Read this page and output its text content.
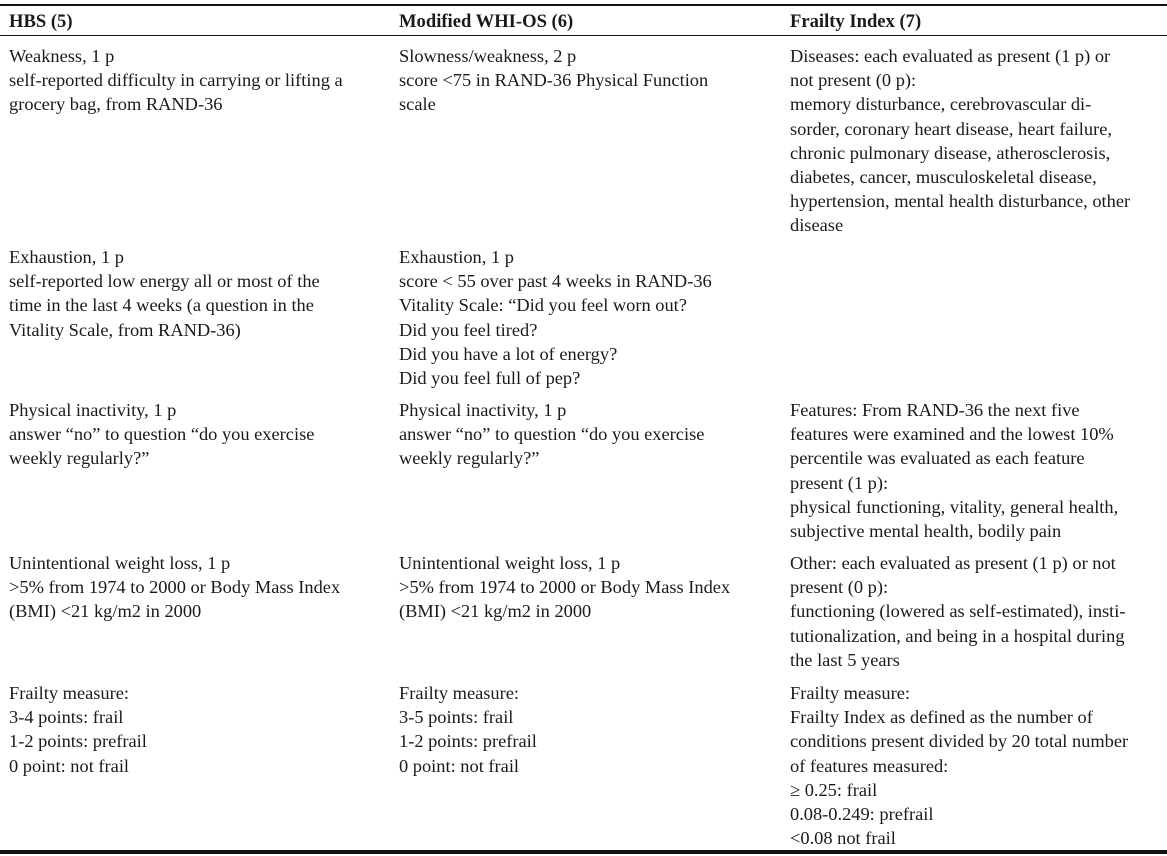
HBS (5)	Modified WHI-OS (6)	Frailty Index (7)
Weakness, 1 p
self-reported difficulty in carrying or lifting a
grocery bag, from RAND-36
Slowness/weakness, 2 p
score <75 in RAND-36 Physical Function
scale
Diseases: each evaluated as present (1 p) or
not present (0 p):
memory disturbance, cerebrovascular di-
sorder, coronary heart disease, heart failure,
chronic pulmonary disease, atherosclerosis,
diabetes, cancer, musculoskeletal disease,
hypertension, mental health disturbance, other
disease
Exhaustion, 1 p
self-reported low energy all or most of the
time in the last 4 weeks (a question in the
Vitality Scale, from RAND-36)
Exhaustion, 1 p
score < 55 over past 4 weeks in RAND-36
Vitality Scale: “Did you feel worn out?
Did you feel tired?
Did you have a lot of energy?
Did you feel full of pep?
Physical inactivity, 1 p
answer “no” to question “do you exercise
weekly regularly?”
Physical inactivity, 1 p
answer “no” to question “do you exercise
weekly regularly?”
Features: From RAND-36 the next five
features were examined and the lowest 10%
percentile was evaluated as each feature
present (1 p):
physical functioning, vitality, general health,
subjective mental health, bodily pain
Unintentional weight loss, 1 p
>5% from 1974 to 2000 or Body Mass Index
(BMI) <21 kg/m2 in 2000
Unintentional weight loss, 1 p
>5% from 1974 to 2000 or Body Mass Index
(BMI) <21 kg/m2 in 2000
Other: each evaluated as present (1 p) or not
present (0 p):
functioning (lowered as self-estimated), insti-
tutionalization, and being in a hospital during
the last 5 years
Frailty measure:
3-4 points: frail
1-2 points: prefrail
0 point: not frail
Frailty measure:
3-5 points: frail
1-2 points: prefrail
0 point: not frail
Frailty measure:
Frailty Index as defined as the number of
conditions present divided by 20 total number
of features measured:
≥ 0.25: frail
0.08-0.249: prefrail
<0.08 not frail
